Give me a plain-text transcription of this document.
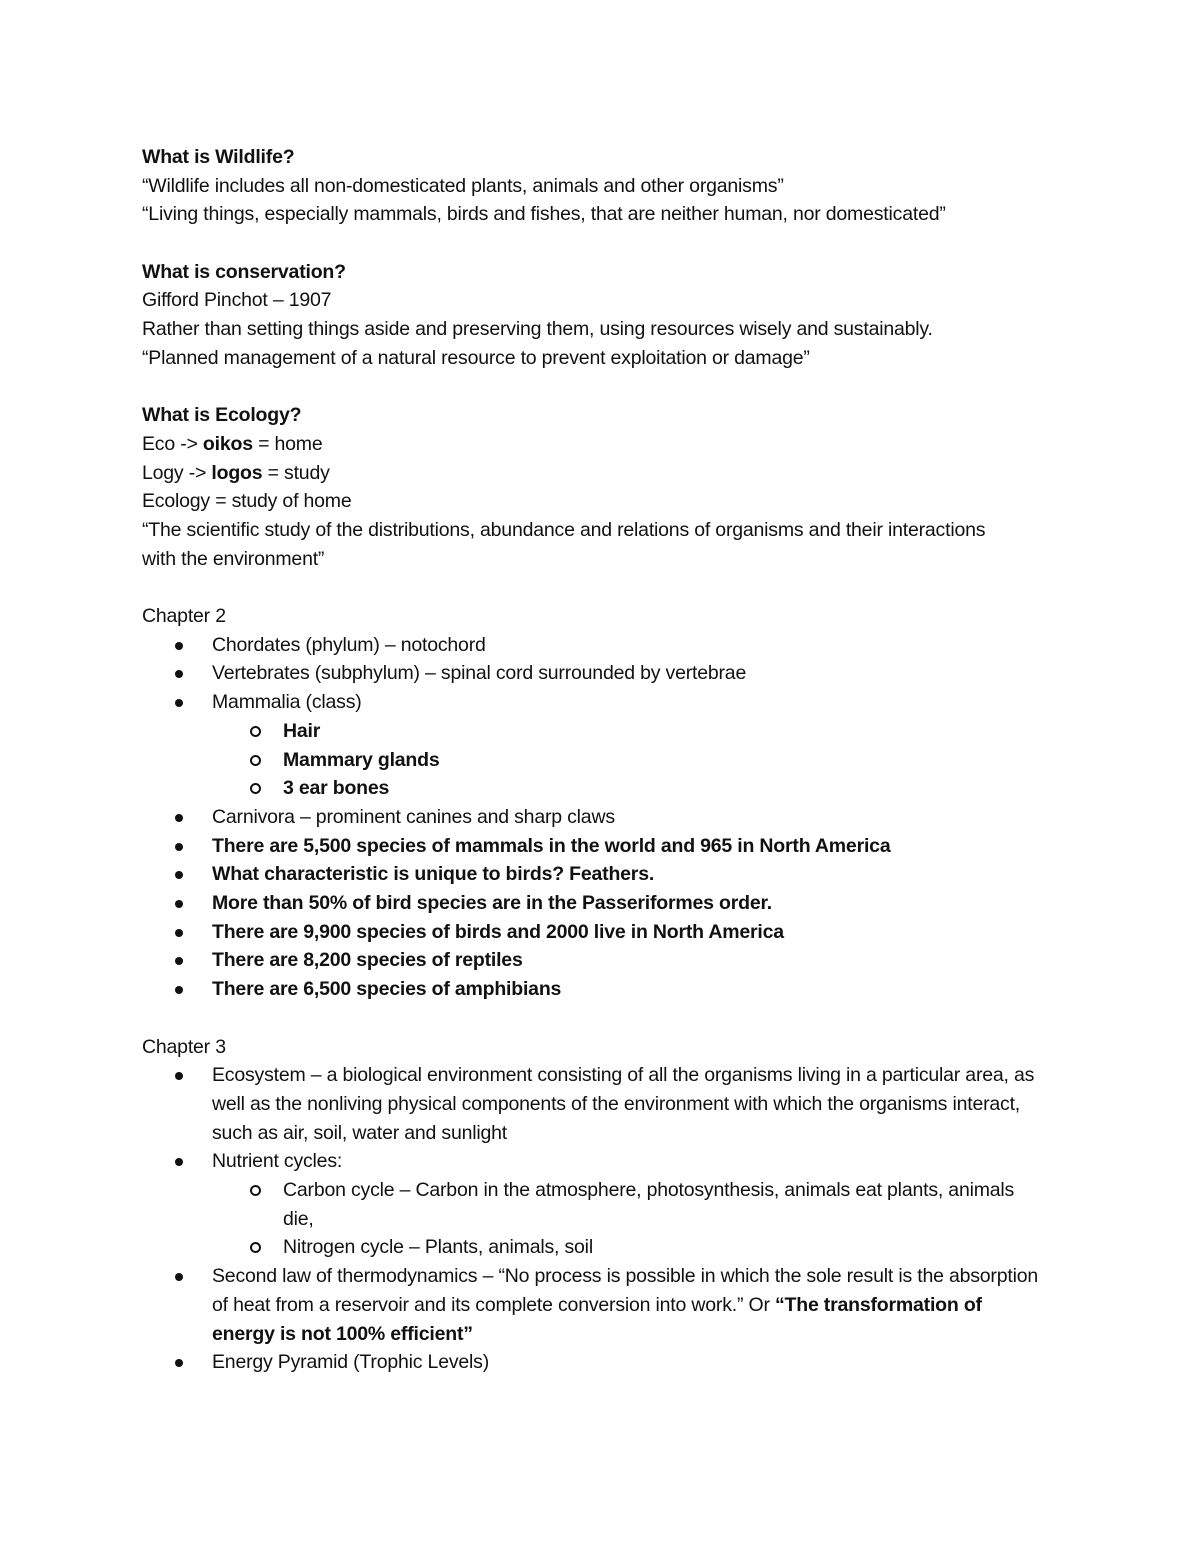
What is Wildlife?
“Wildlife includes all non-domesticated plants, animals and other organisms”
“Living things, especially mammals, birds and fishes, that are neither human, nor domesticated”
What is conservation?
Gifford Pinchot – 1907
Rather than setting things aside and preserving them, using resources wisely and sustainably.
“Planned management of a natural resource to prevent exploitation or damage”
What is Ecology?
Eco -> oikos = home
Logy -> logos = study
Ecology = study of home
“The scientific study of the distributions, abundance and relations of organisms and their interactions with the environment”
Chapter 2
Chordates (phylum) – notochord
Vertebrates (subphylum) – spinal cord surrounded by vertebrae
Mammalia (class)
Hair
Mammary glands
3 ear bones
Carnivora – prominent canines and sharp claws
There are 5,500 species of mammals in the world and 965 in North America
What characteristic is unique to birds? Feathers.
More than 50% of bird species are in the Passeriformes order.
There are 9,900 species of birds and 2000 live in North America
There are 8,200 species of reptiles
There are 6,500 species of amphibians
Chapter 3
Ecosystem – a biological environment consisting of all the organisms living in a particular area, as well as the nonliving physical components of the environment with which the organisms interact, such as air, soil, water and sunlight
Nutrient cycles:
Carbon cycle – Carbon in the atmosphere, photosynthesis, animals eat plants, animals die,
Nitrogen cycle – Plants, animals, soil
Second law of thermodynamics – “No process is possible in which the sole result is the absorption of heat from a reservoir and its complete conversion into work.” Or “The transformation of energy is not 100% efficient”
Energy Pyramid (Trophic Levels)
